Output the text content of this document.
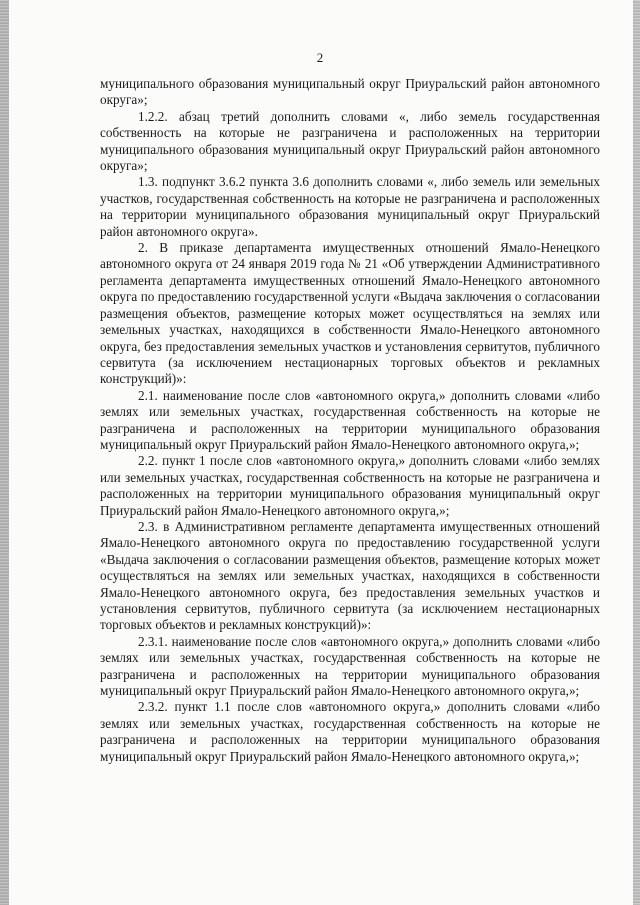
2

муниципального образования муниципальный округ Приуральский район автономного округа»;

1.2.2. абзац третий дополнить словами «, либо земель государственная собственность на которые не разграничена и расположенных на территории муниципального образования муниципальный округ Приуральский район автономного округа»;

1.3. подпункт 3.6.2 пункта 3.6 дополнить словами «, либо земель или земельных участков, государственная собственность на которые не разграничена и расположенных на территории муниципального образования муниципальный округ Приуральский район автономного округа».

2. В приказе департамента имущественных отношений Ямало-Ненецкого автономного округа от 24 января 2019 года № 21 «Об утверждении Административного регламента департамента имущественных отношений Ямало-Ненецкого автономного округа по предоставлению государственной услуги «Выдача заключения о согласовании размещения объектов, размещение которых может осуществляться на землях или земельных участках, находящихся в собственности Ямало-Ненецкого автономного округа, без предоставления земельных участков и установления сервитутов, публичного сервитута (за исключением нестационарных торговых объектов и рекламных конструкций)»:

2.1. наименование после слов «автономного округа,» дополнить словами «либо землях или земельных участках, государственная собственность на которые не разграничена и расположенных на территории муниципального образования муниципальный округ Приуральский район Ямало-Ненецкого автономного округа,»;

2.2. пункт 1 после слов «автономного округа,» дополнить словами «либо землях или земельных участках, государственная собственность на которые не разграничена и расположенных на территории муниципального образования муниципальный округ Приуральский район Ямало-Ненецкого автономного округа,»;

2.3. в Административном регламенте департамента имущественных отношений Ямало-Ненецкого автономного округа по предоставлению государственной услуги «Выдача заключения о согласовании размещения объектов, размещение которых может осуществляться на землях или земельных участках, находящихся в собственности Ямало-Ненецкого автономного округа, без предоставления земельных участков и установления сервитутов, публичного сервитута (за исключением нестационарных торговых объектов и рекламных конструкций)»:

2.3.1. наименование после слов «автономного округа,» дополнить словами «либо землях или земельных участках, государственная собственность на которые не разграничена и расположенных на территории муниципального образования муниципальный округ Приуральский район Ямало-Ненецкого автономного округа,»;

2.3.2. пункт 1.1 после слов «автономного округа,» дополнить словами «либо землях или земельных участках, государственная собственность на которые не разграничена и расположенных на территории муниципального образования муниципальный округ Приуральский район Ямало-Ненецкого автономного округа,»;
